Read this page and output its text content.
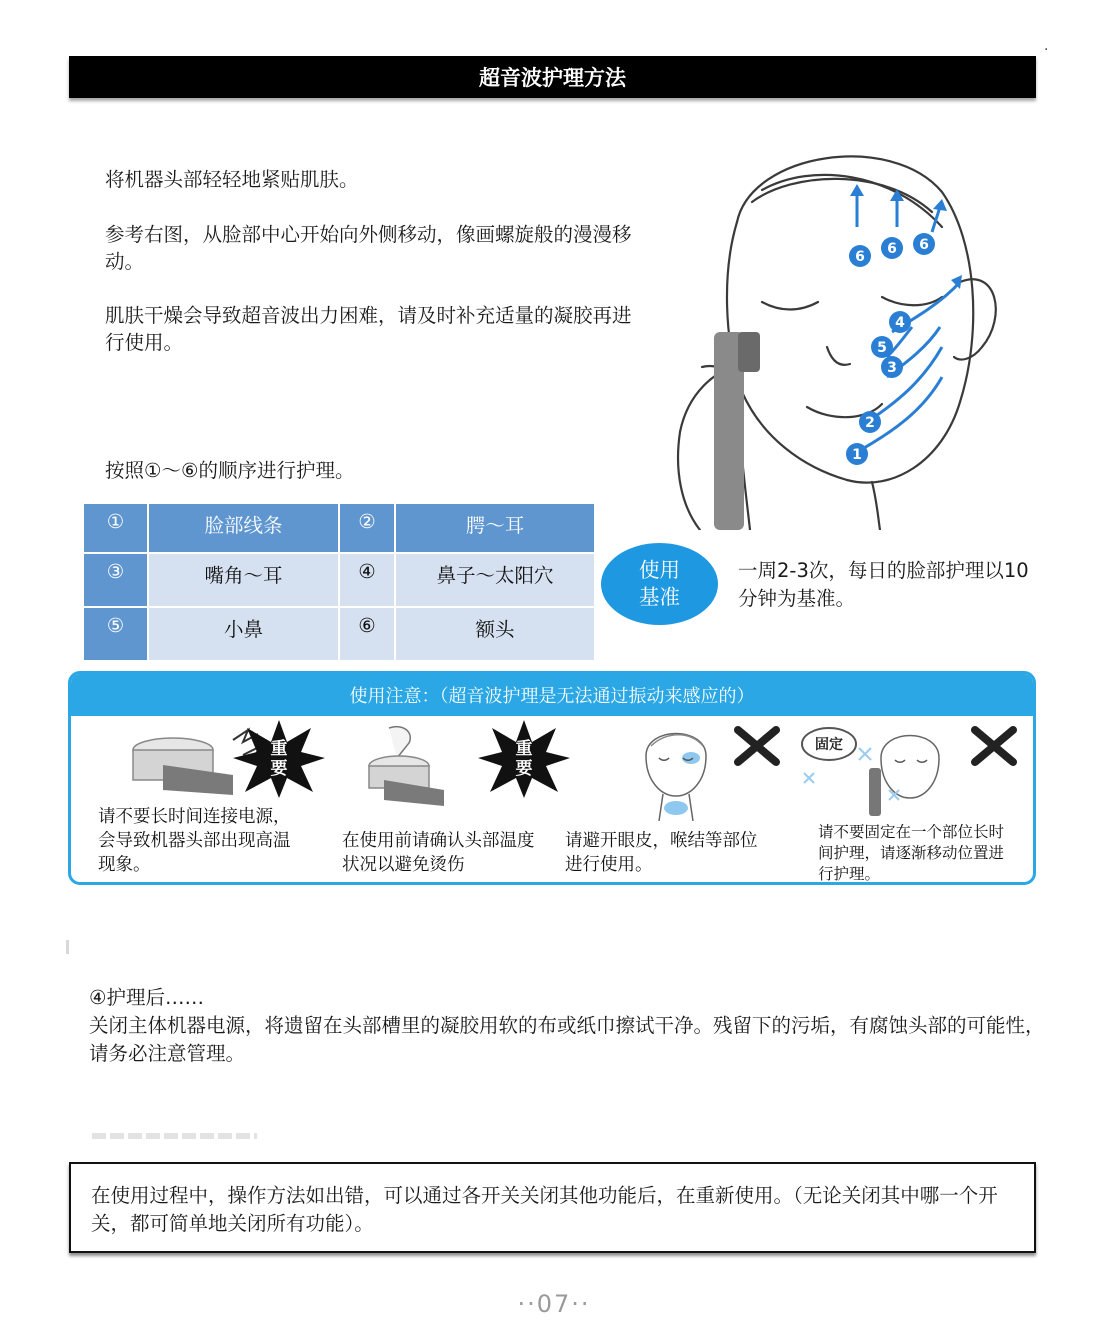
超音波护理方法
·

将机器头部轻轻地紧贴肌肤。

参考右图，从脸部中心开始向外侧移动，像画螺旋般的漫漫移动。

肌肤干燥会导致超音波出力困难，请及时补充适量的凝胶再进行使用。

1
2
3
4
5
6 6 6

按照①～⑥的顺序进行护理。

①	脸部线条	②	腭～耳
③	嘴角～耳	④	鼻子～太阳穴
⑤	小鼻	⑥	额头
使用
基准

一周2-3次，每日的脸部护理以10分钟为基准。

使用注意：（超音波护理是无法通过振动来感应的）
重
要

请不要长时间连接电源，会导致机器头部出现高温现象。

重
要

在使用前请确认头部温度状况以避免烫伤

请避开眼皮，喉结等部位进行使用。

固定

请不要固定在一个部位长时间护理，请逐渐移动位置进行护理。

④护理后……

关闭主体机器电源，将遗留在头部槽里的凝胶用软的布或纸巾擦试干净。残留下的污垢，有腐蚀头部的可能性，请务必注意管理。

在使用过程中，操作方法如出错，可以通过各开关关闭其他功能后，在重新使用。（无论关闭其中哪一个开关，都可简单地关闭所有功能）。

··07··
